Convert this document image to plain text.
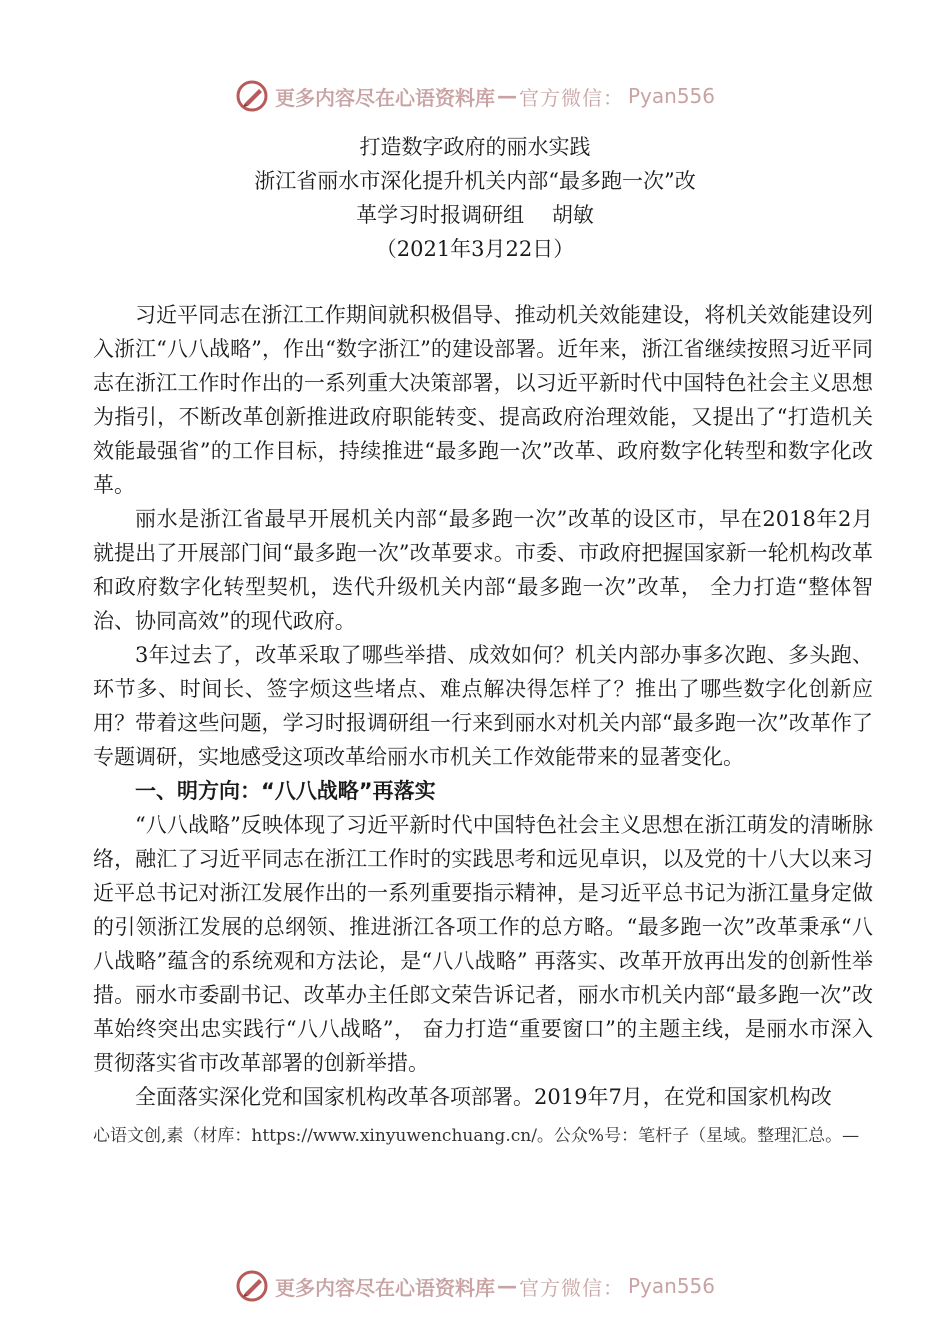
更多内容尽在心语资料库 — 官方微信： Pyan556
打造数字政府的丽水实践
浙江省丽水市深化提升机关内部“最多跑一次”改
革学习时报调研组　 胡敏
（2021年3月22日）

习近平同志在浙江工作期间就积极倡导、推动机关效能建设，将机关效能建设列入浙江“八八战略”，作出“数字浙江”的建设部署。近年来，浙江省继续按照习近平同志在浙江工作时作出的一系列重大决策部署，以习近平新时代中国特色社会主义思想为指引，不断改革创新推进政府职能转变、提高政府治理效能，又提出了“打造机关效能最强省”的工作目标，持续推进“最多跑一次”改革、政府数字化转型和数字化改革。

丽水是浙江省最早开展机关内部“最多跑一次”改革的设区市，早在2018年2月就提出了开展部门间“最多跑一次”改革要求。市委、市政府把握国家新一轮机构改革和政府数字化转型契机，迭代升级机关内部“最多跑一次”改革， 全力打造“整体智治、协同高效”的现代政府。

3年过去了，改革采取了哪些举措、成效如何？机关内部办事多次跑、多头跑、环节多、时间长、签字烦这些堵点、难点解决得怎样了？推出了哪些数字化创新应用？带着这些问题，学习时报调研组一行来到丽水对机关内部“最多跑一次”改革作了专题调研，实地感受这项改革给丽水市机关工作效能带来的显著变化。

一、明方向：“八八战略”再落实

“八八战略”反映体现了习近平新时代中国特色社会主义思想在浙江萌发的清晰脉络，融汇了习近平同志在浙江工作时的实践思考和远见卓识，以及党的十八大以来习近平总书记对浙江发展作出的一系列重要指示精神，是习近平总书记为浙江量身定做的引领浙江发展的总纲领、推进浙江各项工作的总方略。“最多跑一次”改革秉承“八八战略”蕴含的系统观和方法论，是“八八战略” 再落实、改革开放再出发的创新性举措。丽水市委副书记、改革办主任郎文荣告诉记者，丽水市机关内部“最多跑一次”改革始终突出忠实践行“八八战略”， 奋力打造“重要窗口”的主题主线，是丽水市深入贯彻落实省市改革部署的创新举措。

全面落实深化党和国家机构改革各项部署。2019年7月，在党和国家机构改

心语文创,素（材库：https://www.xinyuwenchuang.cn/。公众%号：笔杆子（星域。整理汇总。—
更多内容尽在心语资料库 — 官方微信： Pyan556
